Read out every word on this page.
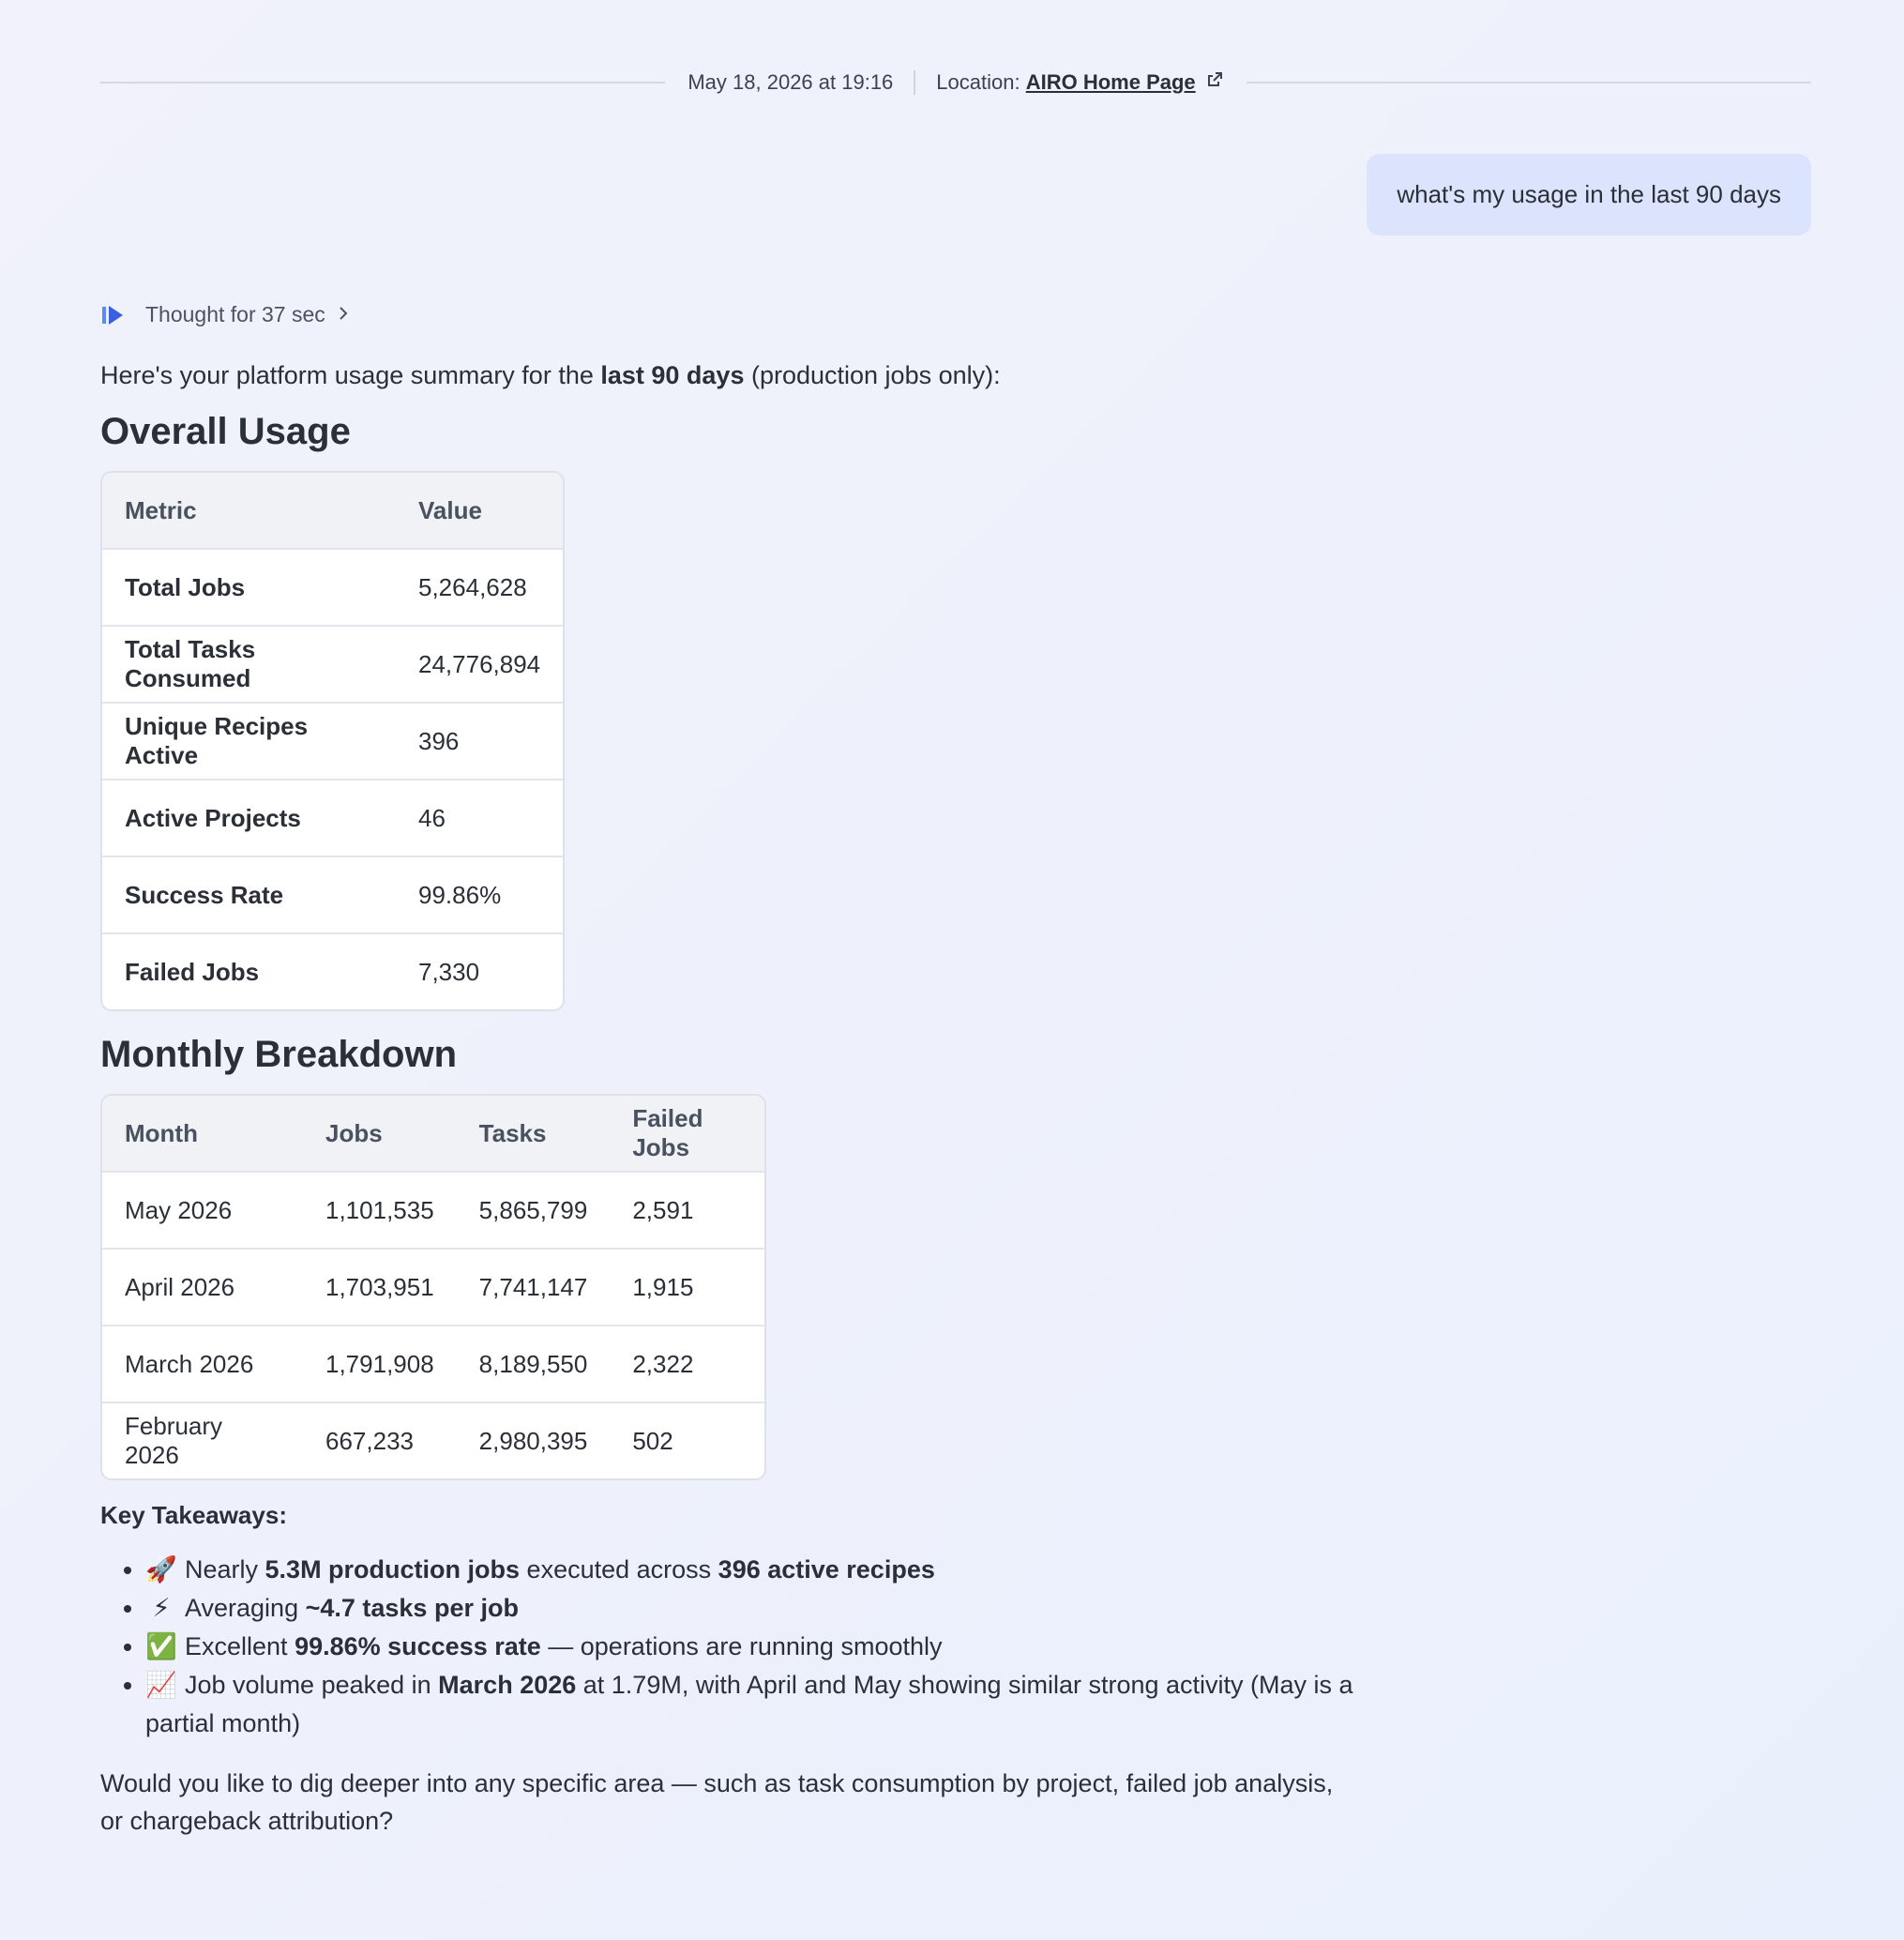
May 18, 2026 at 19:16 Location:
AIRO Home Page
what's my usage in the last 90 days
Thought for 37 sec

Here's your platform usage summary for the last 90 days (production jobs only):

Overall Usage
Metric	Value
Total Jobs	5,264,628
Total Tasks Consumed	24,776,894
Unique Recipes Active	396
Active Projects	46
Success Rate	99.86%
Failed Jobs	7,330
Monthly Breakdown
Month	Jobs	Tasks	Failed Jobs
May 2026	1,101,535	5,865,799	2,591
April 2026	1,703,951	7,741,147	1,915
March 2026	1,791,908	8,189,550	2,322
February 2026	667,233	2,980,395	502
Key Takeaways:
• 🚀 Nearly 5.3M production jobs executed across 396 active recipes
• ⚡ Averaging ~4.7 tasks per job
• ✅ Excellent 99.86% success rate — operations are running smoothly
• 📈 Job volume peaked in March 2026 at 1.79M, with April and May showing similar strong activity (May is a partial month)
Would you like to dig deeper into any specific area — such as task consumption by project, failed job analysis, or chargeback attribution?
